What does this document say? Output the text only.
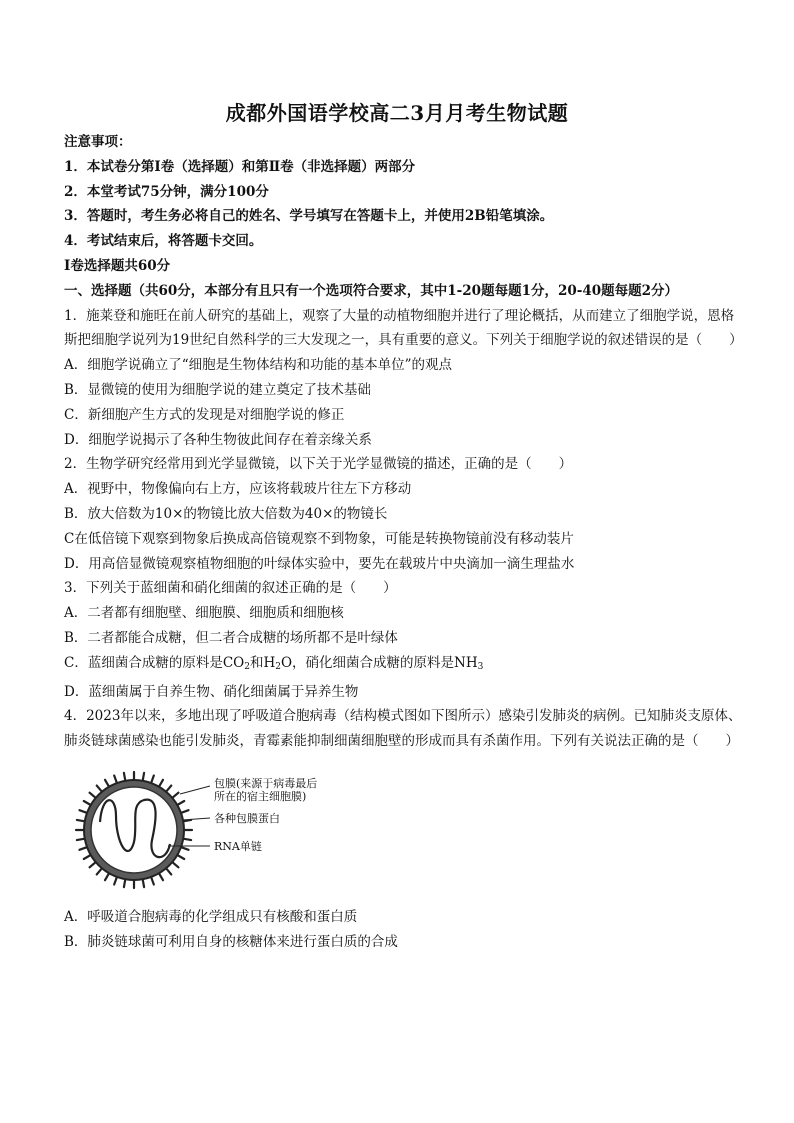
成都外国语学校高二3月月考生物试题
注意事项：
1．本试卷分第Ⅰ卷（选择题）和第Ⅱ卷（非选择题）两部分
2．本堂考试75分钟，满分100分
3．答题时，考生务必将自己的姓名、学号填写在答题卡上，并使用2B铅笔填涂。
4．考试结束后，将答题卡交回。
Ⅰ卷选择题共60分
一、选择题（共60分，本部分有且只有一个选项符合要求，其中1-20题每题1分，20-40题每题2分）
1．施莱登和施旺在前人研究的基础上，观察了大量的动植物细胞并进行了理论概括，从而建立了细胞学说，恩格斯把细胞学说列为19世纪自然科学的三大发现之一，具有重要的意义。下列关于细胞学说的叙述错误的是（　　）
A．细胞学说确立了“细胞是生物体结构和功能的基本单位”的观点
B．显微镜的使用为细胞学说的建立奠定了技术基础
C．新细胞产生方式的发现是对细胞学说的修正
D．细胞学说揭示了各种生物彼此间存在着亲缘关系
2．生物学研究经常用到光学显微镜，以下关于光学显微镜的描述，正确的是（　　）
A．视野中，物像偏向右上方，应该将载玻片往左下方移动
B．放大倍数为10×的物镜比放大倍数为40×的物镜长
C在低倍镜下观察到物象后换成高倍镜观察不到物象，可能是转换物镜前没有移动装片
D．用高倍显微镜观察植物细胞的叶绿体实验中，要先在载玻片中央滴加一滴生理盐水
3．下列关于蓝细菌和硝化细菌的叙述正确的是（　　）
A．二者都有细胞壁、细胞膜、细胞质和细胞核
B．二者都能合成糖，但二者合成糖的场所都不是叶绿体
C．蓝细菌合成糖的原料是$CO_2$和$H_2O$，硝化细菌合成糖的原料是$NH_3$
D．蓝细菌属于自养生物、硝化细菌属于异养生物
4．2023年以来，多地出现了呼吸道合胞病毒（结构模式图如下图所示）感染引发肺炎的病例。已知肺炎支原体、肺炎链球菌感染也能引发肺炎，青霉素能抑制细菌细胞壁的形成而具有杀菌作用。下列有关说法正确的是（　　）
包膜(来源于病毒最后
所在的宿主细胞膜)
各种包膜蛋白
RNA单链
A．呼吸道合胞病毒的化学组成只有核酸和蛋白质
B．肺炎链球菌可利用自身的核糖体来进行蛋白质的合成
